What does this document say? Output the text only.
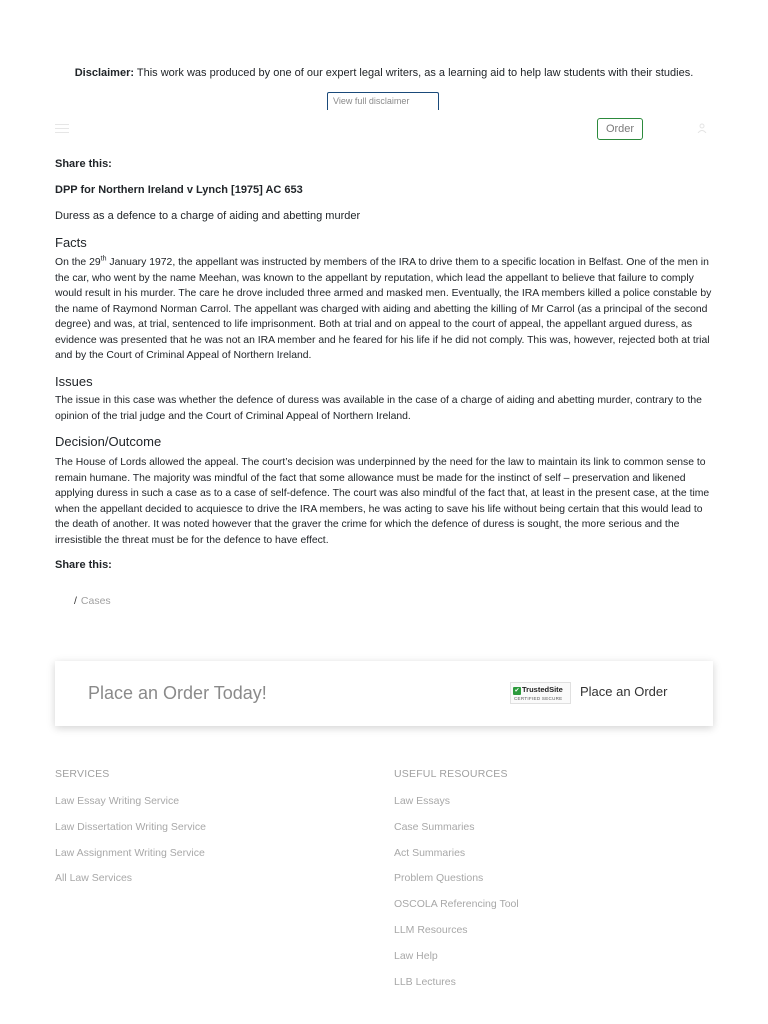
Disclaimer: This work was produced by one of our expert legal writers, as a learning aid to help law students with their studies.
View full disclaimer
Order
Share this:
DPP for Northern Ireland v Lynch [1975] AC 653
Duress as a defence to a charge of aiding and abetting murder
Facts

On the 29th January 1972, the appellant was instructed by members of the IRA to drive them to a specific location in Belfast. One of the men in the car, who went by the name Meehan, was known to the appellant by reputation, which lead the appellant to believe that failure to comply would result in his murder. The care he drove included three armed and masked men. Eventually, the IRA members killed a police constable by the name of Raymond Norman Carrol. The appellant was charged with aiding and abetting the killing of Mr Carrol (as a principal of the second degree) and was, at trial, sentenced to life imprisonment. Both at trial and on appeal to the court of appeal, the appellant argued duress, as evidence was presented that he was not an IRA member and he feared for his life if he did not comply. This was, however, rejected both at trial and by the Court of Criminal Appeal of Northern Ireland.

Issues

The issue in this case was whether the defence of duress was available in the case of a charge of aiding and abetting murder, contrary to the opinion of the trial judge and the Court of Criminal Appeal of Northern Ireland.

Decision/Outcome

The House of Lords allowed the appeal. The court’s decision was underpinned by the need for the law to maintain its link to common sense to remain humane. The majority was mindful of the fact that some allowance must be made for the instinct of self – preservation and likened applying duress in such a case as to a case of self-defence. The court was also mindful of the fact that, at least in the present case, at the time when the appellant decided to acquiesce to drive the IRA members, he was acting to save his life without being certain that this would lead to the death of another. It was noted however that the graver the crime for which the defence of duress is sought, the more serious and the irresistible the threat must be for the defence to have effect.

Share this:
/ Cases
Place an Order Today!	✔ TrustedSite
CERTIFIED SECURE Place an Order
SERVICES
Law Essay Writing Service
Law Dissertation Writing Service
Law Assignment Writing Service
All Law Services
USEFUL RESOURCES
Law Essays
Case Summaries
Act Summaries
Problem Questions
OSCOLA Referencing Tool
LLM Resources
Law Help
LLB Lectures
